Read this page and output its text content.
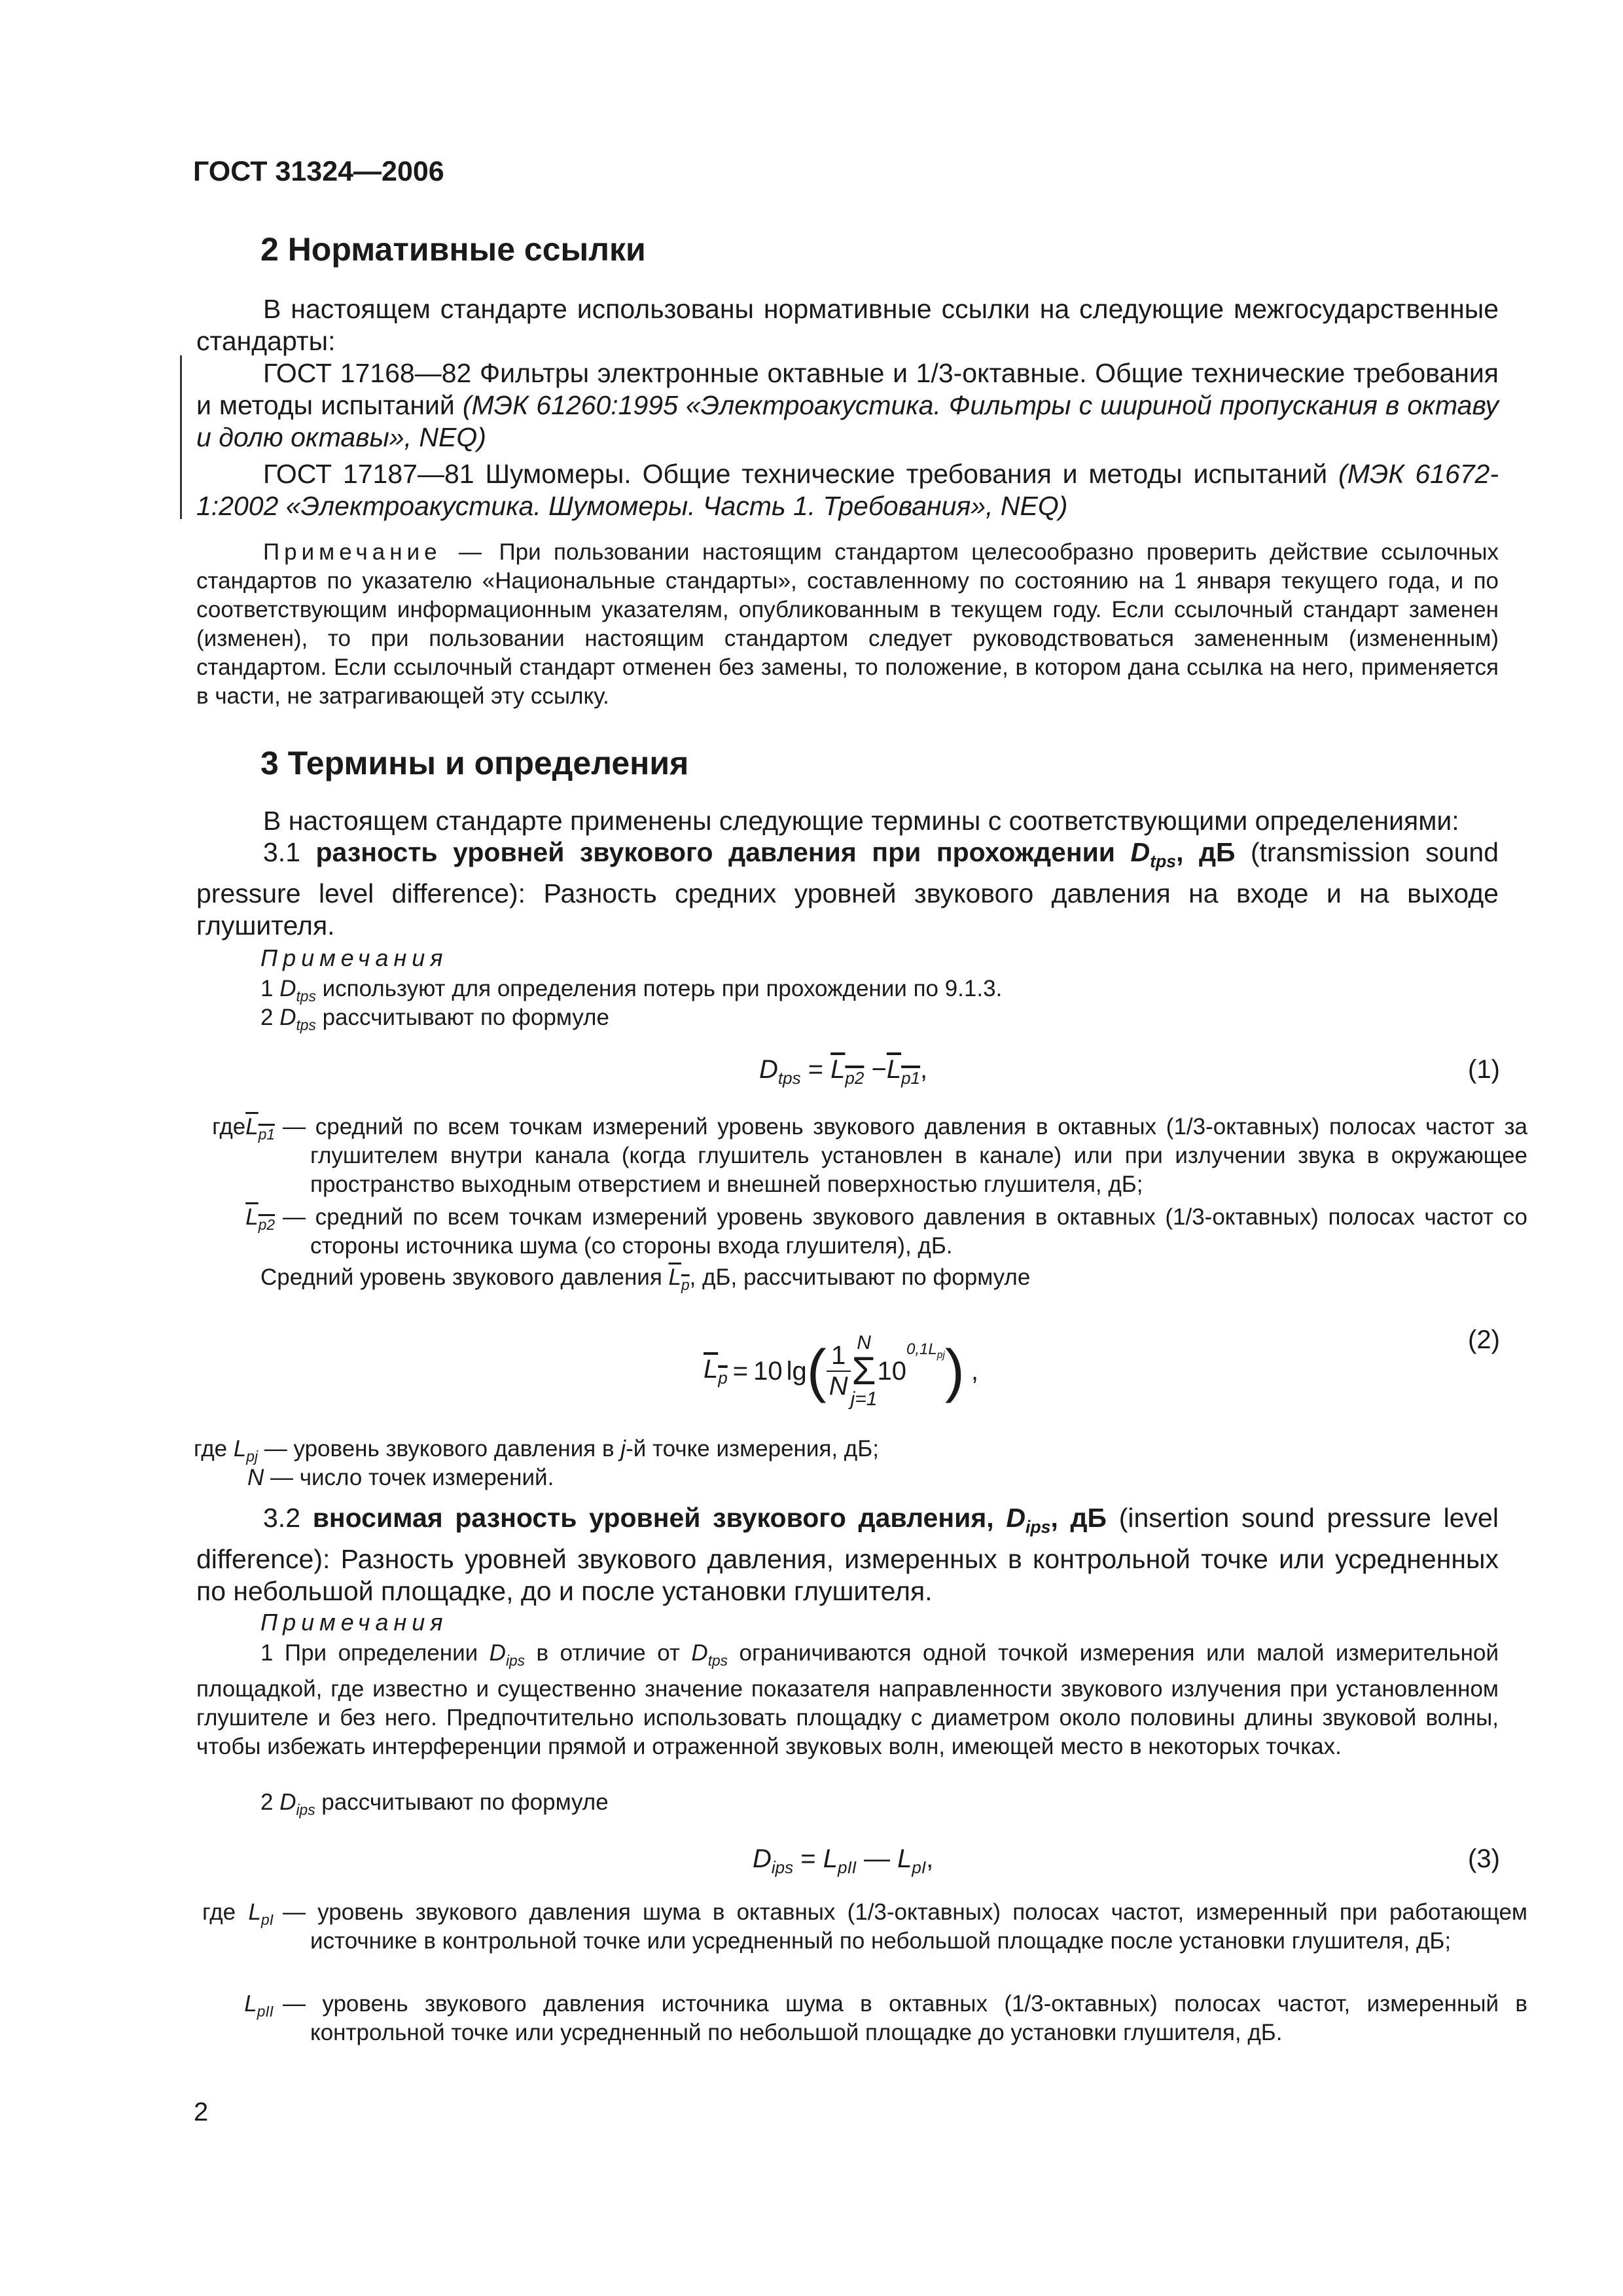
ГОСТ 31324—2006
2 Нормативные ссылки
В настоящем стандарте использованы нормативные ссылки на следующие межгосударственные стандарты:
ГОСТ 17168—82 Фильтры электронные октавные и 1/3-октавные. Общие технические требования и методы испытаний (МЭК 61260:1995 «Электроакустика. Фильтры с шириной пропускания в октаву и долю октавы», NEQ)
ГОСТ 17187—81 Шумомеры. Общие технические требования и методы испытаний (МЭК 61672-1:2002 «Электроакустика. Шумомеры. Часть 1. Требования», NEQ)
Примечание — При пользовании настоящим стандартом целесообразно проверить действие ссылочных стандартов по указателю «Национальные стандарты», составленному по состоянию на 1 января текущего года, и по соответствующим информационным указателям, опубликованным в текущем году. Если ссылочный стандарт заменен (изменен), то при пользовании настоящим стандартом следует руководствоваться замененным (измененным) стандартом. Если ссылочный стандарт отменен без замены, то положение, в котором дана ссылка на него, применяется в части, не затрагивающей эту ссылку.
3 Термины и определения
В настоящем стандарте применены следующие термины с соответствующими определениями:
3.1 разность уровней звукового давления при прохождении $D_{tps}$, дБ (transmission sound pressure level difference): Разность средних уровней звукового давления на входе и на выходе глушителя.
Примечания
1 $D_{tps}$ используют для определения потерь при прохождении по 9.1.3.
2 $D_{tps}$ рассчитывают по формуле
$D_{tps} = L_{p2} -L_{p1}$,	(1)
гдеL$_{p1}$ — средний по всем точкам измерений уровень звукового давления в октавных (1/3-октавных) полосах частот за глушителем внутри канала (когда глушитель установлен в канале) или при излучении звука в окружающее пространство выходным отверстием и внешней поверхностью глушителя, дБ;
$L_{p2}$ — средний по всем точкам измерений уровень звукового давления в октавных (1/3-октавных) полосах частот со стороны источника шума (со стороны входа глушителя), дБ.
Средний уровень звукового давления $L_p$, дБ, рассчитывают по формуле
$L_p = 10$ lg ( $\frac{1}{N}$ N
Σ
j=1
10
$^{0,1L_{pj}}$ ) ,
(2)
где $L_{pj}$ — уровень звукового давления в j-й точке измерения, дБ;
N — число точек измерений.
3.2 вносимая разность уровней звукового давления, $D_{ips}$, дБ (insertion sound pressure level difference): Разность уровней звукового давления, измеренных в контрольной точке или усредненных по небольшой площадке, до и после установки глушителя.
Примечания
1 При определении $D_{ips}$ в отличие от $D_{tps}$ ограничиваются одной точкой измерения или малой измерительной площадкой, где известно и существенно значение показателя направленности звукового излучения при установленном глушителе и без него. Предпочтительно использовать площадку с диаметром около половины длины звуковой волны, чтобы избежать интерференции прямой и отраженной звуковых волн, имеющей место в некоторых точках.
2 $D_{ips}$ рассчитывают по формуле
$D_{ips} = L_{pII}$ — $L_{pI}$,	(3)
где $L_{pI}$ — уровень звукового давления шума в октавных (1/3-октавных) полосах частот, измеренный при работающем источнике в контрольной точке или усредненный по небольшой площадке после установки глушителя, дБ;
$L_{pII}$ — уровень звукового давления источника шума в октавных (1/3-октавных) полосах частот, измеренный в контрольной точке или усредненный по небольшой площадке до установки глушителя, дБ.
2
